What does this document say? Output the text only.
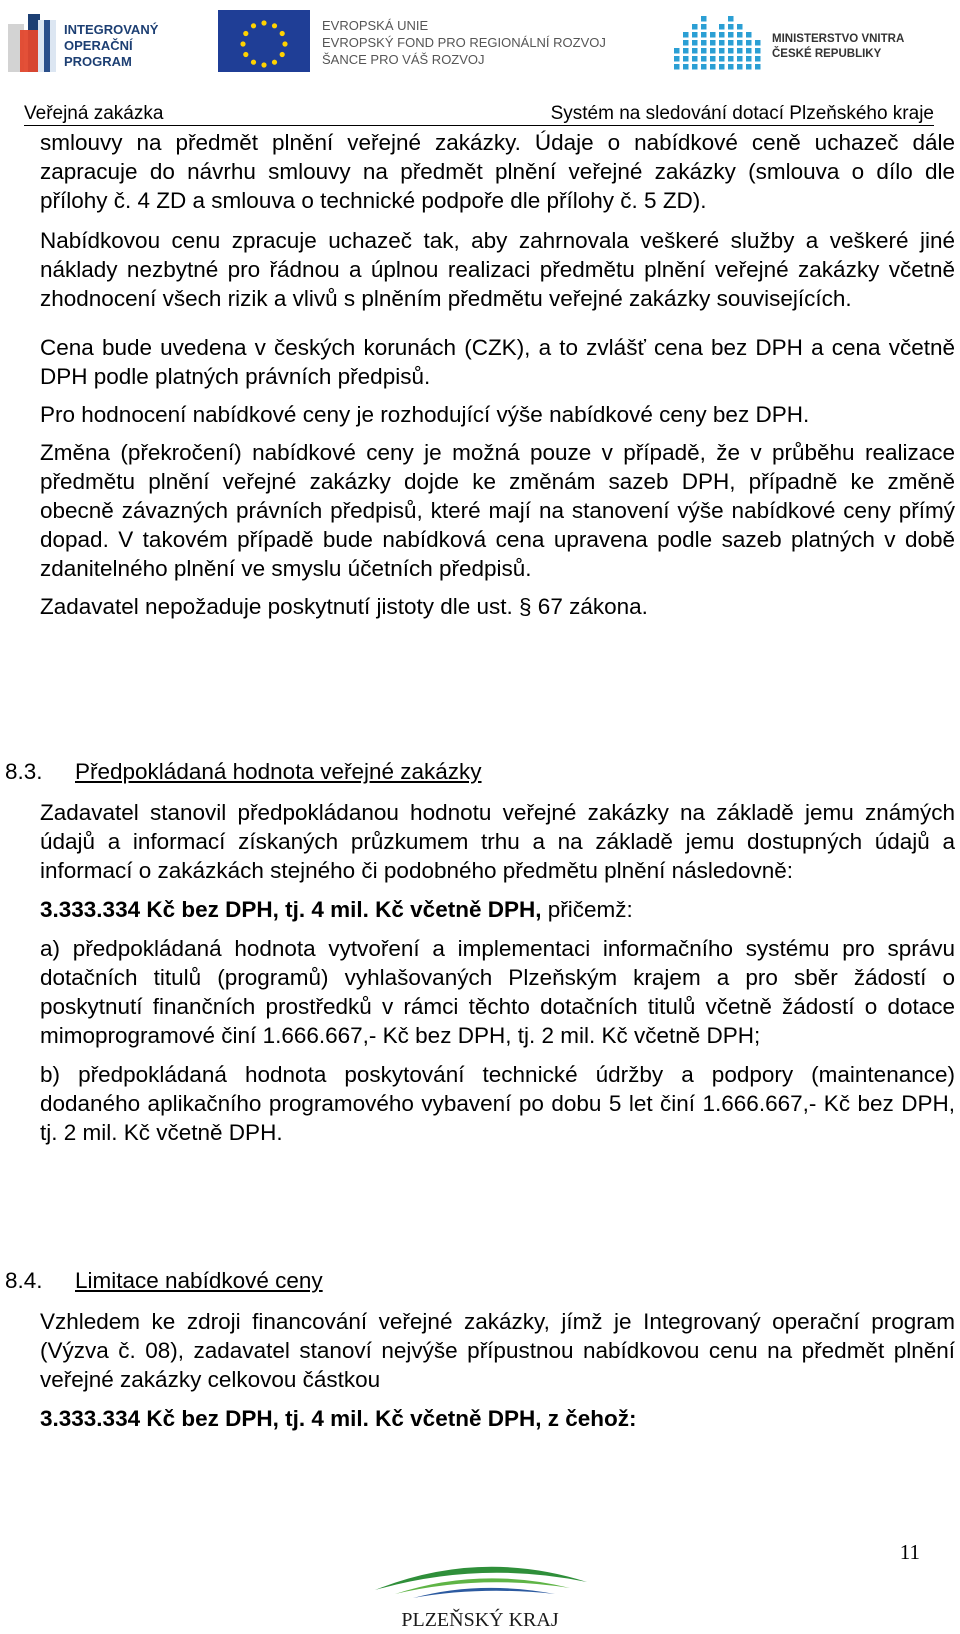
INTEGROVANÝ
OPERAČNÍ
PROGRAM
EVROPSKÁ UNIE
EVROPSKÝ FOND PRO REGIONÁLNÍ ROZVOJ
ŠANCE PRO VÁŠ ROZVOJ
MINISTERSTVO VNITRA
ČESKÉ REPUBLIKY
Veřejná zakázka	Systém na sledování dotací Plzeňského kraje

smlouvy na předmět plnění veřejné zakázky. Údaje o nabídkové ceně uchazeč dále zapracuje do návrhu smlouvy na předmět plnění veřejné zakázky (smlouva o dílo dle přílohy č. 4 ZD a smlouva o technické podpoře dle přílohy č. 5 ZD).

Nabídkovou cenu zpracuje uchazeč tak, aby zahrnovala veškeré služby a veškeré jiné náklady nezbytné pro řádnou a úplnou realizaci předmětu plnění veřejné zakázky včetně zhodnocení všech rizik a vlivů s plněním předmětu veřejné zakázky souvisejících.

Cena bude uvedena v českých korunách (CZK), a to zvlášť cena bez DPH a cena včetně DPH podle platných právních předpisů.

Pro hodnocení nabídkové ceny je rozhodující výše nabídkové ceny bez DPH.

Změna (překročení) nabídkové ceny je možná pouze v případě, že v průběhu realizace předmětu plnění veřejné zakázky dojde ke změnám sazeb DPH, případně ke změně obecně závazných právních předpisů, které mají na stanovení výše nabídkové ceny přímý dopad. V takovém případě bude nabídková cena upravena podle sazeb platných v době zdanitelného plnění ve smyslu účetních předpisů.

Zadavatel nepožaduje poskytnutí jistoty dle ust. § 67 zákona.

8.3. Předpokládaná hodnota veřejné zakázky

Zadavatel stanovil předpokládanou hodnotu veřejné zakázky na základě jemu známých údajů a informací získaných průzkumem trhu a na základě jemu dostupných údajů a informací o zakázkách stejného či podobného předmětu plnění následovně:

3.333.334 Kč bez DPH, tj. 4 mil. Kč včetně DPH, přičemž:

a) předpokládaná hodnota vytvoření a implementaci informačního systému pro správu dotačních titulů (programů) vyhlašovaných Plzeňským krajem a pro sběr žádostí o poskytnutí finančních prostředků v rámci těchto dotačních titulů včetně žádostí o dotace mimoprogramové činí 1.666.667,- Kč bez DPH, tj. 2 mil. Kč včetně DPH;

b) předpokládaná hodnota poskytování technické údržby a podpory (maintenance) dodaného aplikačního programového vybavení po dobu 5 let činí 1.666.667,- Kč bez DPH, tj. 2 mil. Kč včetně DPH.

8.4. Limitace nabídkové ceny

Vzhledem ke zdroji financování veřejné zakázky, jímž je Integrovaný operační program (Výzva č. 08), zadavatel stanoví nejvýše přípustnou nabídkovou cenu na předmět plnění veřejné zakázky celkovou částkou

3.333.334 Kč bez DPH, tj. 4 mil. Kč včetně DPH, z čehož:

11
PLZEŇSKÝ KRAJ
